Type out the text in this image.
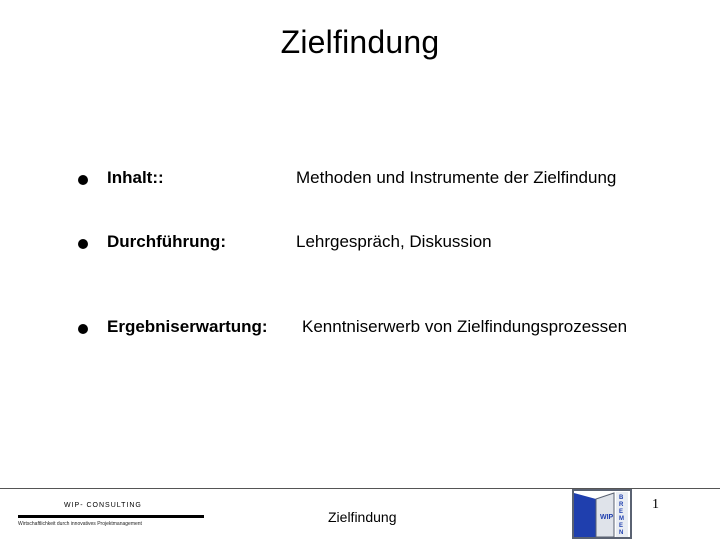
Zielfindung
Inhalt::	Methoden und Instrumente der Zielfindung
Durchführung:	Lehrgespräch, Diskussion
Ergebniserwartung: Kenntniserwerb von Zielfindungsprozessen
WIP- CONSULTING
Wirtschaftlichkeit durch innovatives Projektmanagement	Zielfindung	WIP
B
R
E
M
E
N
1
